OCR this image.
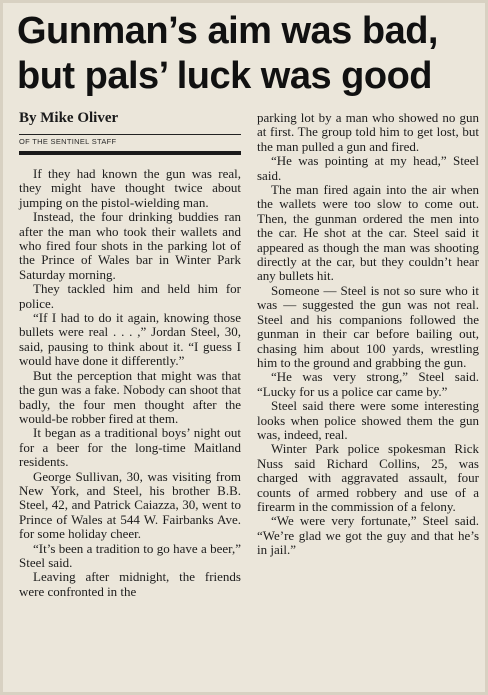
Gunman’s aim was bad,
but pals’ luck was good

By Mike Oliver

OF THE SENTINEL STAFF

If they had known the gun was real, they might have thought twice about jumping on the pistol-wielding man.

Instead, the four drinking buddies ran after the man who took their wallets and who fired four shots in the parking lot of the Prince of Wales bar in Winter Park Saturday morning.

They tackled him and held him for police.

“If I had to do it again, knowing those bullets were real . . . ,” Jordan Steel, 30, said, pausing to think about it. “I guess I would have done it differently.”

But the perception that might was that the gun was a fake. Nobody can shoot that badly, the four men thought after the would-be robber fired at them.

It began as a traditional boys’ night out for a beer for the long-time Maitland residents.

George Sullivan, 30, was visiting from New York, and Steel, his brother B.B. Steel, 42, and Patrick Caiazza, 30, went to Prince of Wales at 544 W. Fairbanks Ave. for some holiday cheer.

“It’s been a tradition to go have a beer,” Steel said.

Leaving after midnight, the friends were confronted in the

parking lot by a man who showed no gun at first. The group told him to get lost, but the man pulled a gun and fired.

“He was pointing at my head,” Steel said.

The man fired again into the air when the wallets were too slow to come out. Then, the gunman ordered the men into the car. He shot at the car. Steel said it appeared as though the man was shooting directly at the car, but they couldn’t hear any bullets hit.

Someone — Steel is not so sure who it was — suggested the gun was not real. Steel and his companions followed the gunman in their car before bailing out, chasing him about 100 yards, wrestling him to the ground and grabbing the gun.

“He was very strong,” Steel said. “Lucky for us a police car came by.”

Steel said there were some interesting looks when police showed them the gun was, indeed, real.

Winter Park police spokesman Rick Nuss said Richard Collins, 25, was charged with aggravated assault, four counts of armed robbery and use of a firearm in the commission of a felony.

“We were very fortunate,” Steel said. “We’re glad we got the guy and that he’s in jail.”
